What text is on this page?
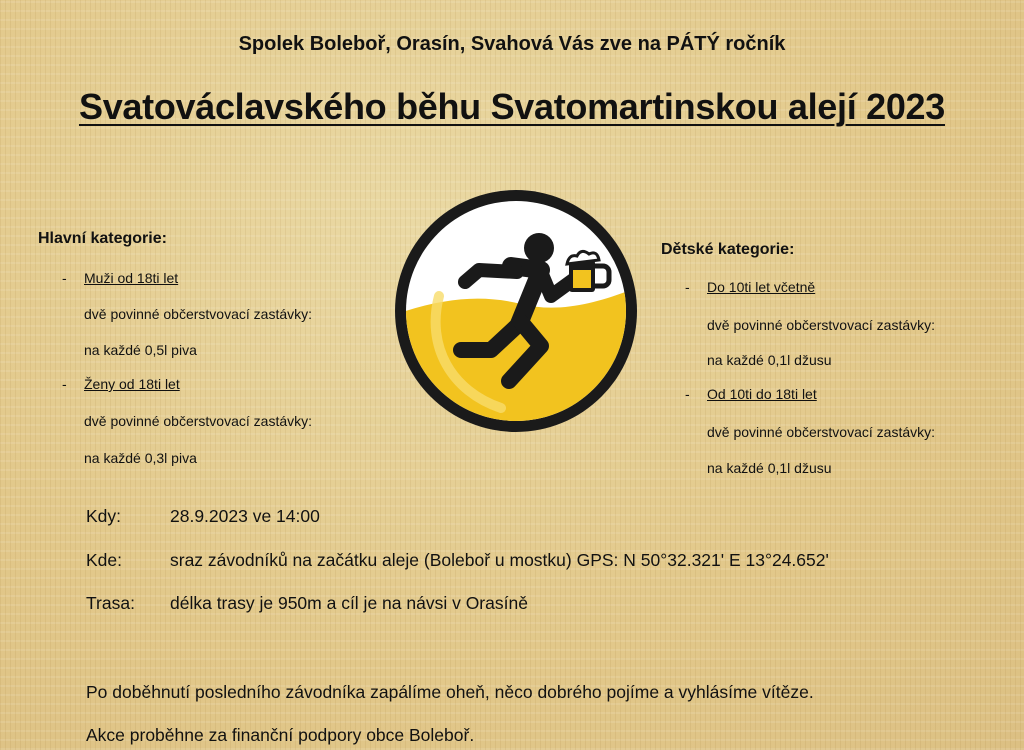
Spolek Boleboř, Orasín, Svahová Vás zve na PÁTÝ ročník
Svatováclavského běhu Svatomartinskou alejí 2023
Hlavní kategorie:
- Muži od 18ti let
dvě povinné občerstvovací zastávky:
na každé 0,5l piva
- Ženy od 18ti let
dvě povinné občerstvovací zastávky:
na každé 0,3l piva
Dětské kategorie:
- Do 10ti let včetně
dvě povinné občerstvovací zastávky:
na každé 0,1l džusu
- Od 10ti do 18ti let
dvě povinné občerstvovací zastávky:
na každé 0,1l džusu
Kdy:	28.9.2023 ve 14:00
Kde:	sraz závodníků na začátku aleje (Boleboř u mostku) GPS: N 50°32.321' E 13°24.652'
Trasa: délka trasy je 950m a cíl je na návsi v Orasíně
Po doběhnutí posledního závodníka zapálíme oheň, něco dobrého pojíme a vyhlásíme vítěze.
Akce proběhne za finanční podpory obce Boleboř.
